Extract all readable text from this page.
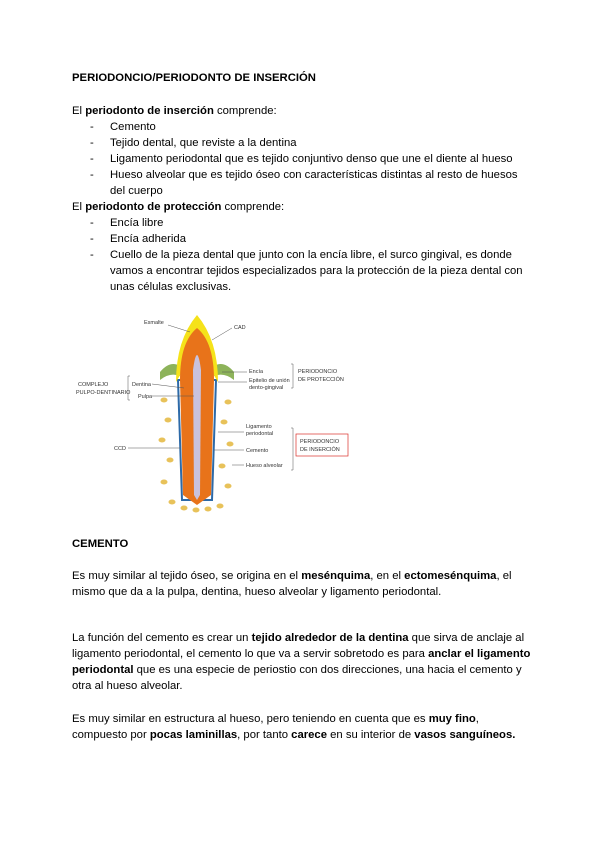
PERIODONCIO/PERIODONTO DE INSERCIÓN

El periodonto de inserción comprende:

- Cemento
- Tejido dental, que reviste a la dentina
- Ligamento periodontal que es tejido conjuntivo denso que une el diente al hueso
- Hueso alveolar que es tejido óseo con características distintas al resto de huesos del cuerpo

El periodonto de protección comprende:

- Encía libre
- Encía adherida
- Cuello de la pieza dental que junto con la encía libre, el surco gingival, es donde vamos a encontrar tejidos especializados para la protección de la pieza dental con unas células exclusivas.
Esmalte
CAD
COMPLEJO
PULPO-DENTINARIO
Dentina
Pulpa
Encía
Epitelio de unión
dento-gingival
PERIODONCIO
DE PROTECCIÓN
Ligamento
periodontal
Cemento
Hueso alveolar
CCD
PERIODONCIO
DE INSERCIÓN
CEMENTO

Es muy similar al tejido óseo, se origina en el mesénquima, en el ectomesénquima, el mismo que da a la pulpa, dentina, hueso alveolar y ligamento periodontal.

La función del cemento es crear un tejido alrededor de la dentina que sirva de anclaje al ligamento periodontal, el cemento lo que va a servir sobretodo es para anclar el ligamento periodontal que es una especie de periostio con dos direcciones, una hacia el cemento y otra al hueso alveolar.

Es muy similar en estructura al hueso, pero teniendo en cuenta que es muy fino, compuesto por pocas laminillas, por tanto carece en su interior de vasos sanguíneos.
